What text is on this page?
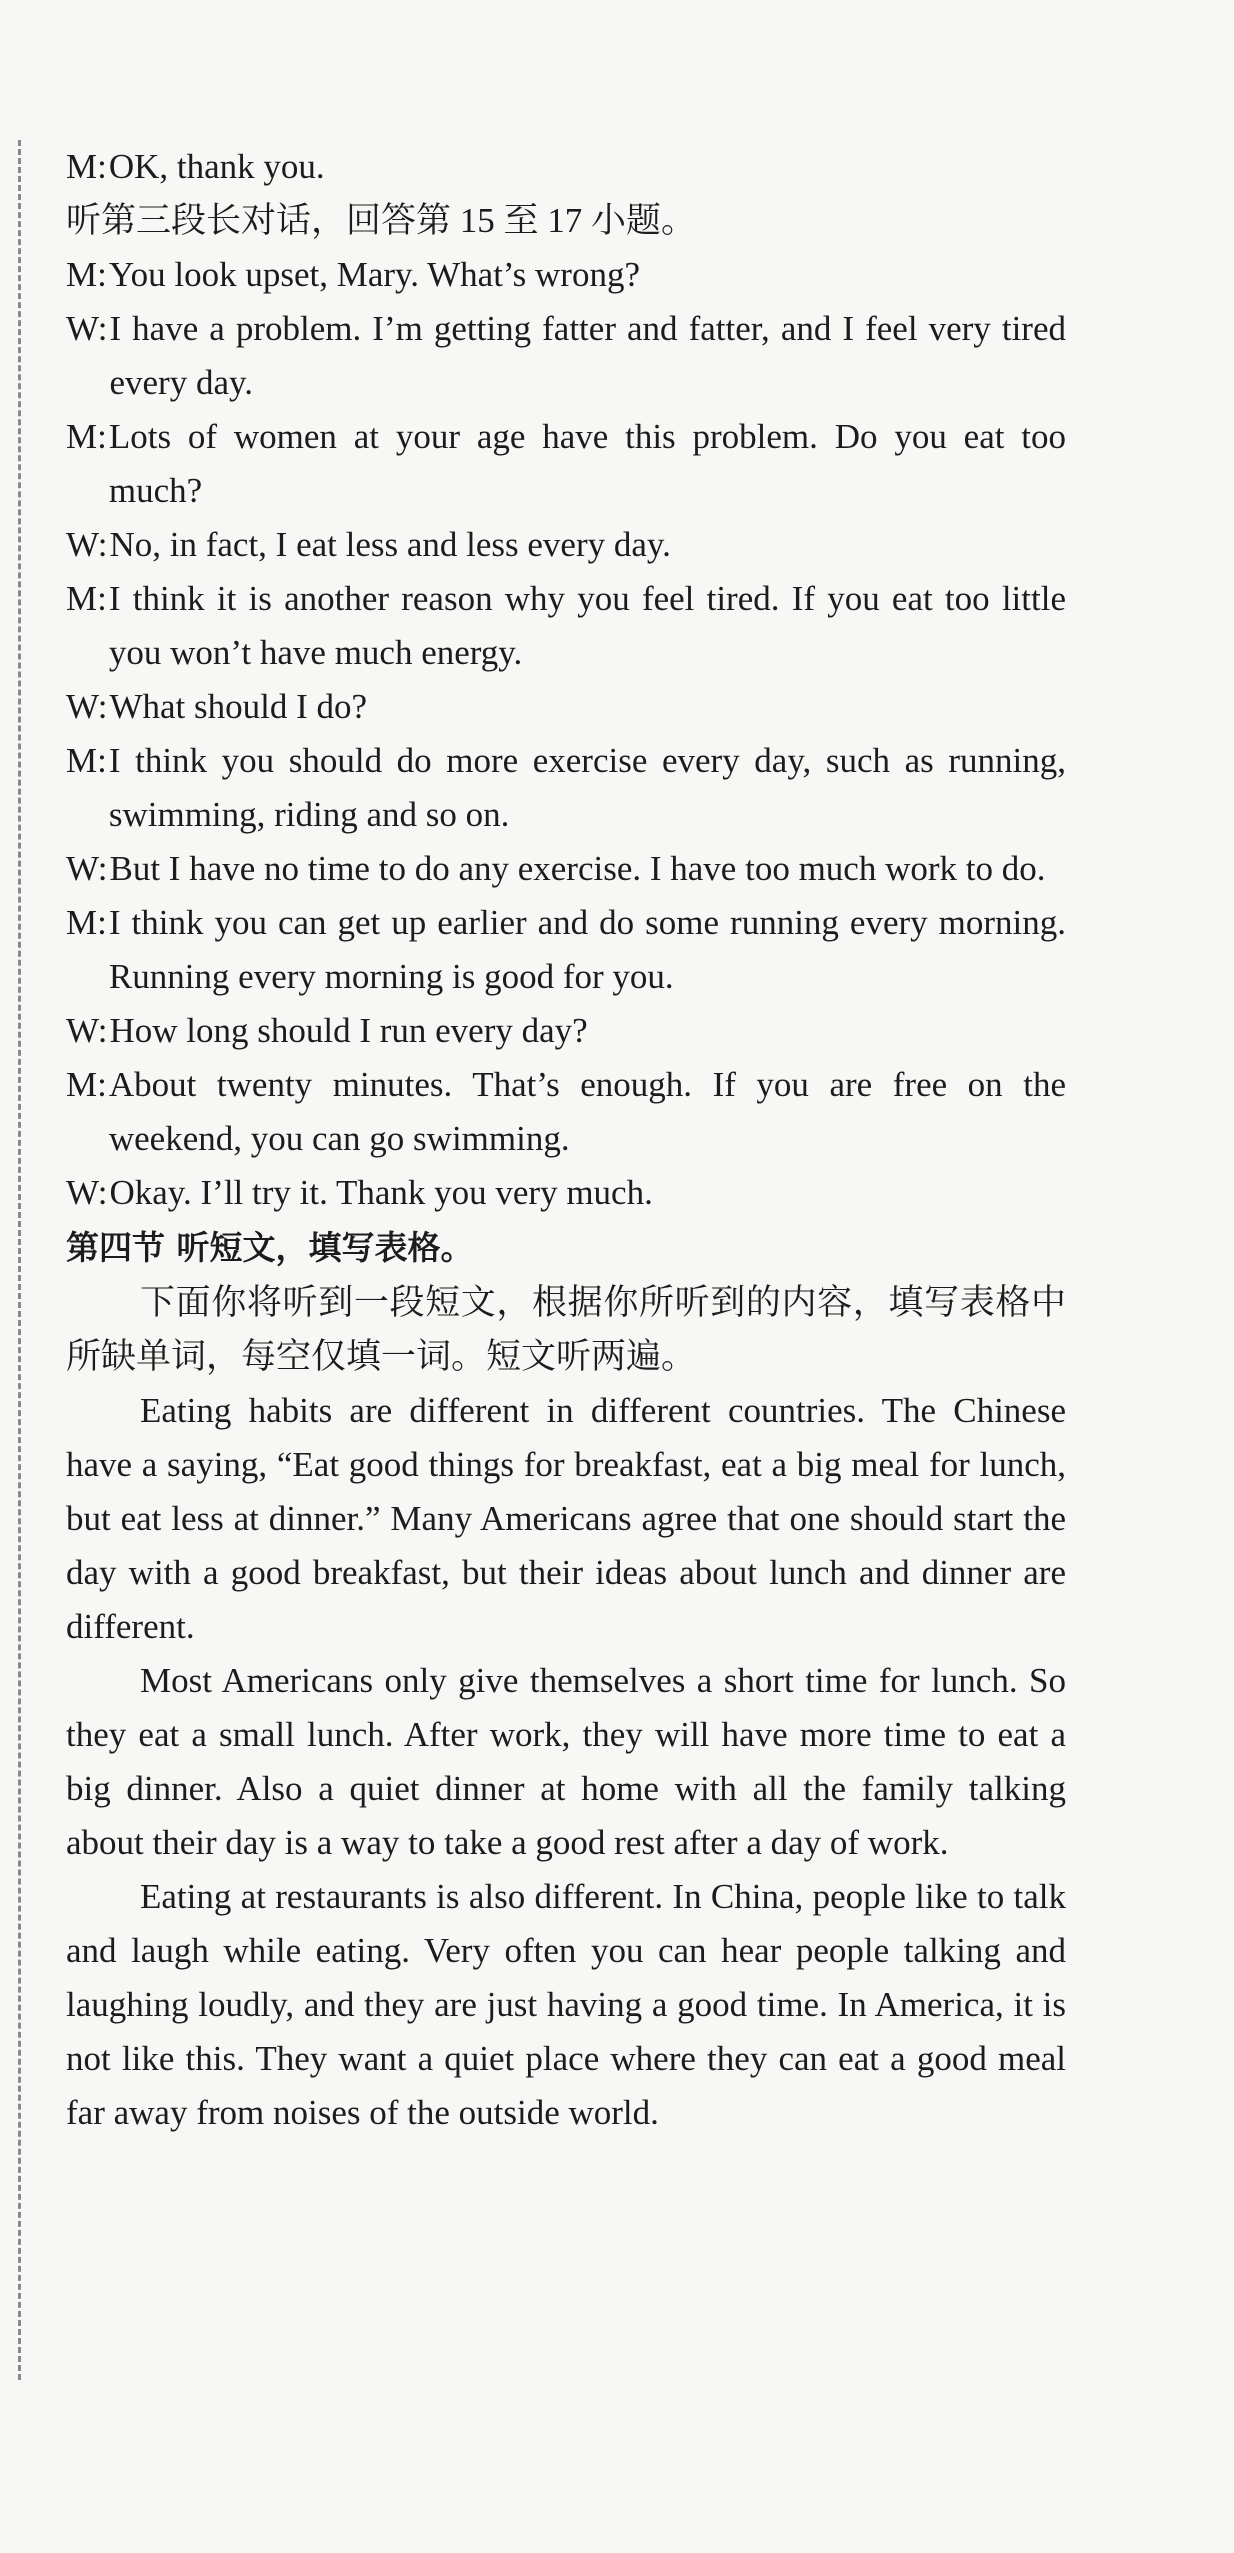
M: OK, thank you.
听第三段长对话，回答第 15 至 17 小题。
M: You look upset, Mary. What’s wrong?
W: I have a problem. I’m getting fatter and fatter, and I feel very tired every day.
M: Lots of women at your age have this problem. Do you eat too much?
W: No, in fact, I eat less and less every day.
M: I think it is another reason why you feel tired. If you eat too little you won’t have much energy.
W: What should I do?
M: I think you should do more exercise every day, such as running, swimming, riding and so on.
W: But I have no time to do any exercise. I have too much work to do.
M: I think you can get up earlier and do some running every morning. Running every morning is good for you.
W: How long should I run every day?
M: About twenty minutes. That’s enough. If you are free on the weekend, you can go swimming.
W: Okay. I’ll try it. Thank you very much.
第四节 听短文，填写表格。

下面你将听到一段短文，根据你所听到的内容，填写表格中所缺单词，每空仅填一词。短文听两遍。

Eating habits are different in different countries. The Chinese have a saying, “Eat good things for breakfast, eat a big meal for lunch, but eat less at dinner.” Many Americans agree that one should start the day with a good breakfast, but their ideas about lunch and dinner are different.

Most Americans only give themselves a short time for lunch. So they eat a small lunch. After work, they will have more time to eat a big dinner. Also a quiet dinner at home with all the family talking about their day is a way to take a good rest after a day of work.

Eating at restaurants is also different. In China, people like to talk and laugh while eating. Very often you can hear people talking and laughing loudly, and they are just having a good time. In America, it is not like this. They want a quiet place where they can eat a good meal far away from noises of the outside world.
